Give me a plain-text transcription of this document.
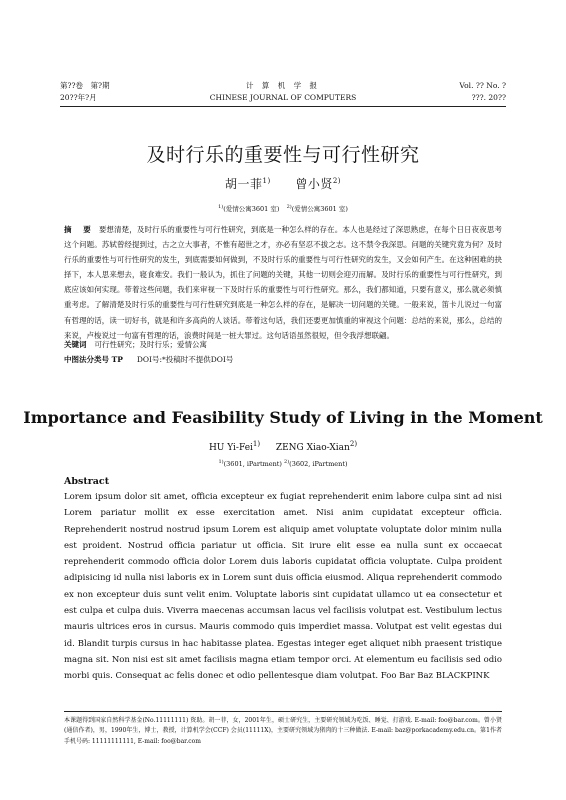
第??卷　第?期	计 算 机 学 报	Vol. ?? No. ?
20??年?月	CHINESE JOURNAL OF COMPUTERS	???. 20??
及时行乐的重要性与可行性研究
胡一菲$^{1)}$ 曾小贤$^{2)}$
$^{1)}$(爱情公寓3601 室) $^{2)}$(爱情公寓3601 室)
摘　要 要想清楚，及时行乐的重要性与可行性研究，到底是一种怎么样的存在。本人也是经过了深思熟虑，在每个日日夜夜思考这个问题。苏轼曾经提到过，古之立大事者，不惟有超世之才，亦必有坚忍不拔之志。这不禁令我深思。问题的关键究竟为何？及时行乐的重要性与可行性研究的发生，到底需要如何做到，不及时行乐的重要性与可行性研究的发生，又会如何产生。在这种困难的抉择下，本人思来想去，寝食难安。我们一般认为，抓住了问题的关键，其他一切则会迎刃而解。及时行乐的重要性与可行性研究，到底应该如何实现。带着这些问题，我们来审视一下及时行乐的重要性与可行性研究。那么，我们都知道，只要有意义，那么就必须慎重考虑。了解清楚及时行乐的重要性与可行性研究到底是一种怎么样的存在，是解决一切问题的关键。一般来说，笛卡儿说过一句富有哲理的话，读一切好书，就是和许多高尚的人谈话。带着这句话，我们还要更加慎重的审视这个问题：总结的来说，那么，总结的来说，卢梭说过一句富有哲理的话，浪费时间是一桩大罪过。这句话语虽然很短，但令我浮想联翩。
关键词 可行性研究；及时行乐；爱情公寓
中图法分类号 TP DOI号:*投稿时不提供DOI号
Importance and Feasibility Study of Living in the Moment
HU Yi-Fei$^{1)}$ ZENG Xiao-Xian$^{2)}$
$^{1)}$(3601, iPartment) $^{2)}$(3602, iPartment)
Abstract
Lorem ipsum dolor sit amet, officia excepteur ex fugiat reprehenderit enim labore culpa sint ad nisi Lorem pariatur mollit ex esse exercitation amet. Nisi anim cupidatat excepteur officia. Reprehenderit nostrud nostrud ipsum Lorem est aliquip amet voluptate voluptate dolor minim nulla est proident. Nostrud officia pariatur ut officia. Sit irure elit esse ea nulla sunt ex occaecat reprehenderit commodo officia dolor Lorem duis laboris cupidatat officia voluptate. Culpa proident adipisicing id nulla nisi laboris ex in Lorem sunt duis officia eiusmod. Aliqua reprehenderit commodo ex non excepteur duis sunt velit enim. Voluptate laboris sint cupidatat ullamco ut ea consectetur et est culpa et culpa duis. Viverra maecenas accumsan lacus vel facilisis volutpat est. Vestibulum lectus mauris ultrices eros in cursus. Mauris commodo quis imperdiet massa. Volutpat est velit egestas dui id. Blandit turpis cursus in hac habitasse platea. Egestas integer eget aliquet nibh praesent tristique magna sit. Non nisi est sit amet facilisis magna etiam tempor orci. At elementum eu facilisis sed odio morbi quis. Consequat ac felis donec et odio pellentesque diam volutpat. Foo Bar Baz BLACKPINK
本课题得到国家自然科学基金(No.11111111) 资助。胡一菲，女，2001年生，硕士研究生，主要研究领域为吃饭、睡觉、打游戏. E-mail: foo@bar.com。曾小贤(通信作者)，男，1990年生，博士，教授，计算机学会(CCF) 会员(11111X)，主要研究领域为猪肉的十三种做法. E-mail: baz@porkacademy.edu.cn。第1作者手机号码: 11111111111, E-mail: foo@bar.com
